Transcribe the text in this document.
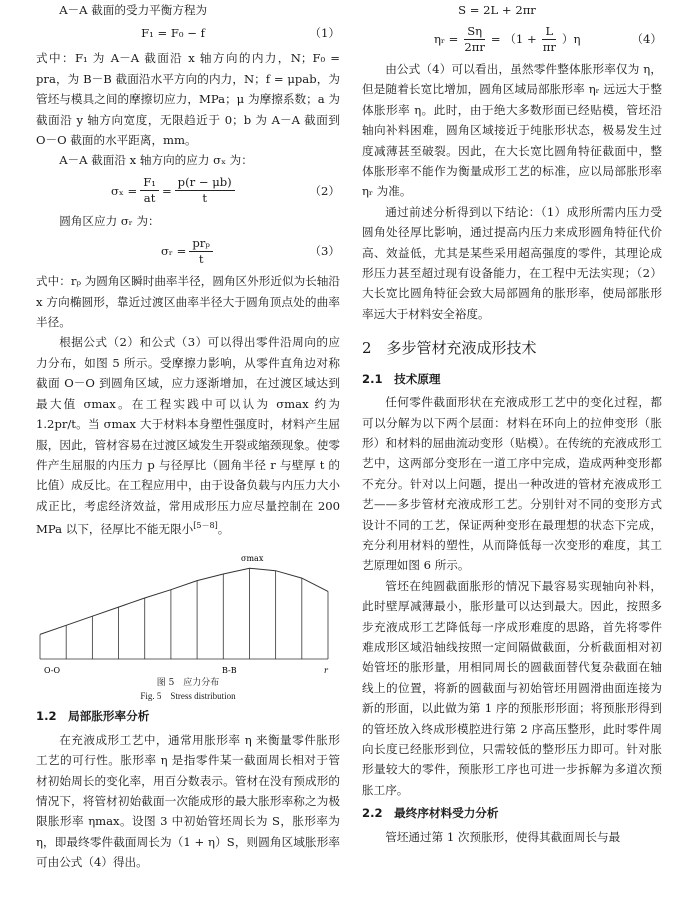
A－A 截面的受力平衡方程为

F₁ = F₀ − f	（1）

式中：F₁ 为 A－A 截面沿 x 轴方向的内力，N；F₀ = pra，为 B－B 截面沿水平方向的内力，N；f = μpab，为管坯与模具之间的摩擦切应力，MPa；μ 为摩擦系数；a 为截面沿 y 轴方向宽度，无限趋近于 0；b 为 A－A 截面到 O－O 截面的水平距离，mm。

A－A 截面沿 x 轴方向的应力 σₓ 为：

$\sigma_x = \frac{\text{F₁}}{at} = \frac{p(r - \mu b)}{t}$	（2）

圆角区应力 σᵣ 为：

σᵣ = $\frac{\text{prₚ}}{t}$	（3）

式中：rₚ 为圆角区瞬时曲率半径，圆角区外形近似为长轴沿 x 方向椭圆形，靠近过渡区曲率半径大于圆角顶点处的曲率半径。

根据公式（2）和公式（3）可以得出零件沿周向的应力分布，如图 5 所示。受摩擦力影响，从零件直角边对称截面 O－O 到圆角区域，应力逐渐增加，在过渡区域达到最大值 σmax。在工程实践中可以认为 σmax 约为 1.2pr/t。当 σmax 大于材料本身塑性强度时，材料产生屈服，因此，管材容易在过渡区域发生开裂或缩颈现象。使零件产生屈服的内压力 p 与径厚比（圆角半径 r 与壁厚 t 的比值）成反比。在工程应用中，由于设备负载与内压力大小成正比，考虑经济效益，常用成形压力应尽量控制在 200 MPa 以下，径厚比不能无限小[5－8]。

σmax
O-O	B-B	r
图 5　应力分布
Fig. 5　Stress distribution
1.2　局部胀形率分析

在充液成形工艺中，通常用胀形率 η 来衡量零件胀形工艺的可行性。胀形率 η 是指零件某一截面周长相对于管材初始周长的变化率，用百分数表示。管材在没有预成形的情况下，将管材初始截面一次能成形的最大胀形率称之为极限胀形率 ηmax。设图 3 中初始管坯周长为 S，胀形率为 η，即最终零件截面周长为（1 + η）S，则圆角区域胀形率可由公式（4）得出。

S = 2L + 2πr
ηᵣ = $\frac{S\eta}{2\pi r} = (1 + \frac{L}{\pi r} )\eta$	（4）

由公式（4）可以看出，虽然零件整体胀形率仅为 η，但是随着长宽比增加，圆角区域局部胀形率 ηᵣ 远远大于整体胀形率 η。此时，由于绝大多数形面已经贴模，管坯沿轴向补料困难，圆角区域接近于纯胀形状态，极易发生过度减薄甚至破裂。因此，在大长宽比圆角特征截面中，整体胀形率不能作为衡量成形工艺的标准，应以局部胀形率 ηᵣ 为准。

通过前述分析得到以下结论：（1）成形所需内压力受圆角处径厚比影响，通过提高内压力来成形圆角特征代价高、效益低，尤其是某些采用超高强度的零件，其理论成形压力甚至超过现有设备能力，在工程中无法实现；（2）大长宽比圆角特征会致大局部圆角的胀形率，使局部胀形率远大于材料安全裕度。

2　多步管材充液成形技术
2.1　技术原理

任何零件截面形状在充液成形工艺中的变化过程，都可以分解为以下两个层面：材料在环向上的拉伸变形（胀形）和材料的屈曲流动变形（贴模）。在传统的充液成形工艺中，这两部分变形在一道工序中完成，造成两种变形都不充分。针对以上问题，提出一种改进的管材充液成形工艺——多步管材充液成形工艺。分别针对不同的变形方式设计不同的工艺，保证两种变形在最理想的状态下完成，充分利用材料的塑性，从而降低每一次变形的难度，其工艺原理如图 6 所示。

管坯在纯圆截面胀形的情况下最容易实现轴向补料，此时壁厚减薄最小，胀形量可以达到最大。因此，按照多步充液成形工艺降低每一序成形难度的思路，首先将零件难成形区域沿轴线按照一定间隔做截面，分析截面相对初始管坯的胀形量，用相同周长的圆截面替代复杂截面在轴线上的位置，将新的圆截面与初始管坯用圆滑曲面连接为新的形面，以此做为第 1 序的预胀形形面；将预胀形得到的管坯放入终成形模腔进行第 2 序高压整形，此时零件周向长度已经胀形到位，只需较低的整形压力即可。针对胀形量较大的零件，预胀形工序也可进一步拆解为多道次预胀工序。

2.2　最终序材料受力分析

管坯通过第 1 次预胀形，使得其截面周长与最
